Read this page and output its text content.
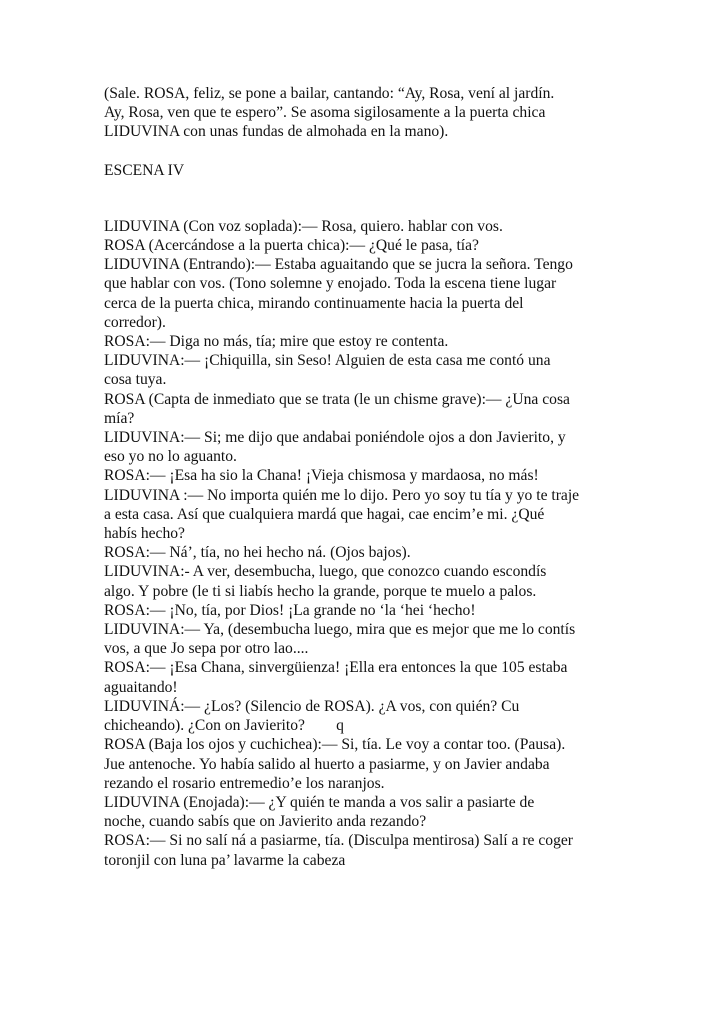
(Sale. ROSA, feliz, se pone a bailar, cantando: “Ay, Rosa, vení al jardín.
Ay, Rosa, ven que te espero”. Se asoma sigilosamente a la puerta chica
LIDUVINA con unas fundas de almohada en la mano).
ESCENA IV
LIDUVINA (Con voz soplada):— Rosa, quiero. hablar con vos.
ROSA (Acercándose a la puerta chica):— ¿Qué le pasa, tía?
LIDUVINA (Entrando):— Estaba aguaitando que se jucra la señora. Tengo
que hablar con vos. (Tono solemne y enojado. Toda la escena tiene lugar
cerca de la puerta chica, mirando continuamente hacia la puerta del
corredor).
ROSA:— Diga no más, tía; mire que estoy re contenta.
LIDUVINA:— ¡Chiquilla, sin Seso! Alguien de esta casa me contó una
cosa tuya.
ROSA (Capta de inmediato que se trata (le un chisme grave):— ¿Una cosa
mía?
LIDUVINA:— Si; me dijo que andabai poniéndole ojos a don Javierito, y
eso yo no lo aguanto.
ROSA:— ¡Esa ha sio la Chana! ¡Vieja chismosa y mardaosa, no más!
LIDUVINA :— No importa quién me lo dijo. Pero yo soy tu tía y yo te traje
a esta casa. Así que cualquiera mardá que hagai, cae encim’e mi. ¿Qué
habís hecho?
ROSA:— Ná’, tía, no hei hecho ná. (Ojos bajos).
LIDUVINA:- A ver, desembucha, luego, que conozco cuando escondís
algo. Y pobre (le ti si liabís hecho la grande, porque te muelo a palos.
ROSA:— ¡No, tía, por Dios! ¡La grande no ‘la ‘hei ‘hecho!
LIDUVINA:— Ya, (desembucha luego, mira que es mejor que me lo contís
vos, a que Jo sepa por otro lao....
ROSA:— ¡Esa Chana, sinvergüienza! ¡Ella era entonces la que 105 estaba
aguaitando!
LIDUVINÁ:— ¿Los? (Silencio de ROSA). ¿A vos, con quién? Cu
chicheando). ¿Con on Javierito?        q
ROSA (Baja los ojos y cuchichea):— Si, tía. Le voy a contar too. (Pausa).
Jue antenoche. Yo había salido al huerto a pasiarme, y on Javier andaba
rezando el rosario entremedio’e los naranjos.
LIDUVINA (Enojada):— ¿Y quién te manda a vos salir a pasiarte de
noche, cuando sabís que on Javierito anda rezando?
ROSA:— Si no salí ná a pasiarme, tía. (Disculpa mentirosa) Salí a re coger
toronjil con luna pa’ lavarme la cabeza
